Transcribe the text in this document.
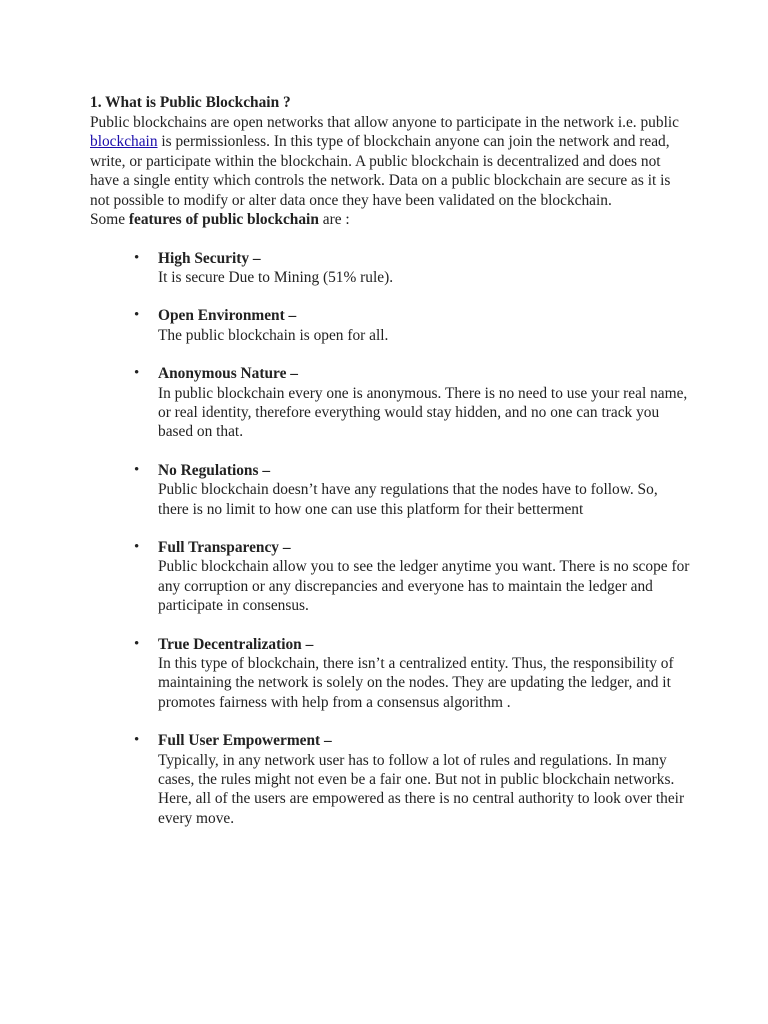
1. What is Public Blockchain ?

Public blockchains are open networks that allow anyone to participate in the network i.e. public blockchain is permissionless. In this type of blockchain anyone can join the network and read, write, or participate within the blockchain. A public blockchain is decentralized and does not have a single entity which controls the network. Data on a public blockchain are secure as it is not possible to modify or alter data once they have been validated on the blockchain.

Some features of public blockchain are :

• High Security –
It is secure Due to Mining (51% rule).
• Open Environment –
The public blockchain is open for all.
• Anonymous Nature –
In public blockchain every one is anonymous. There is no need to use your real name, or real identity, therefore everything would stay hidden, and no one can track you based on that.
• No Regulations –
Public blockchain doesn’t have any regulations that the nodes have to follow. So, there is no limit to how one can use this platform for their betterment
• Full Transparency –
Public blockchain allow you to see the ledger anytime you want. There is no scope for any corruption or any discrepancies and everyone has to maintain the ledger and participate in consensus.
• True Decentralization –
In this type of blockchain, there isn’t a centralized entity. Thus, the responsibility of maintaining the network is solely on the nodes. They are updating the ledger, and it promotes fairness with help from a consensus algorithm .
• Full User Empowerment –
Typically, in any network user has to follow a lot of rules and regulations. In many cases, the rules might not even be a fair one. But not in public blockchain networks. Here, all of the users are empowered as there is no central authority to look over their every move.
